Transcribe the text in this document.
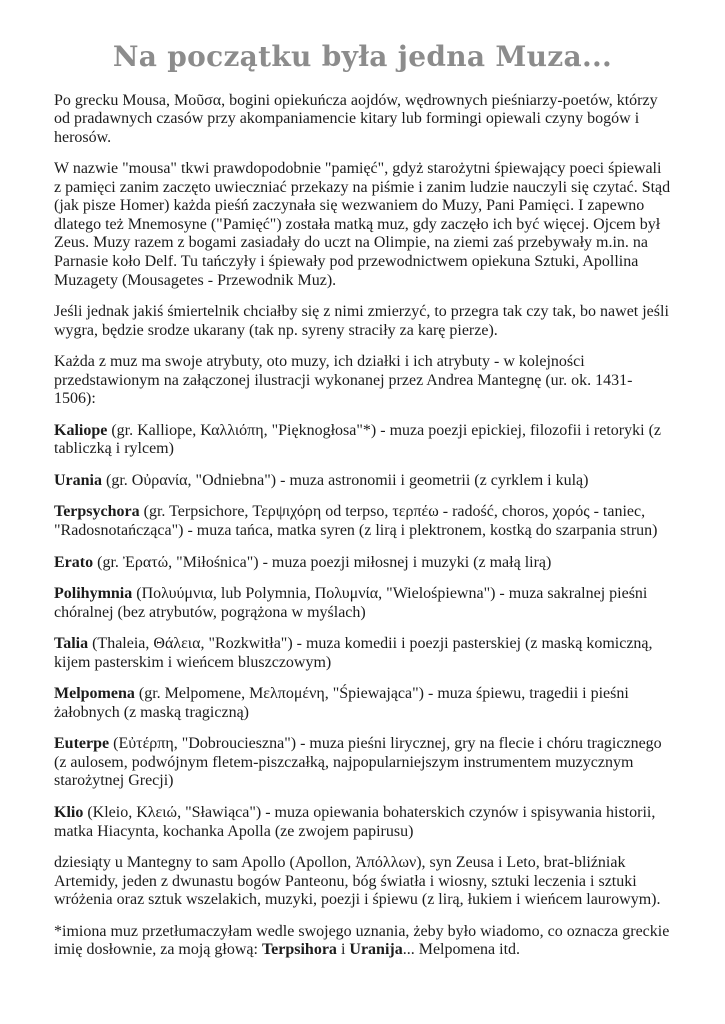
Na początku była jedna Muza...

Po grecku Mousa, Μοῦσα, bogini opiekuńcza aojdów, wędrownych pieśniarzy-poetów, którzy od pradawnych czasów przy akompaniamencie kitary lub formingi opiewali czyny bogów i herosów.

W nazwie "mousa" tkwi prawdopodobnie "pamięć", gdyż starożytni śpiewający poeci śpiewali z pamięci zanim zaczęto uwieczniać przekazy na piśmie i zanim ludzie nauczyli się czytać. Stąd (jak pisze Homer) każda pieśń zaczynała się wezwaniem do Muzy, Pani Pamięci. I zapewno dlatego też Mnemosyne ("Pamięć") została matką muz, gdy zaczęło ich być więcej. Ojcem był Zeus. Muzy razem z bogami zasiadały do uczt na Olimpie, na ziemi zaś przebywały m.in. na Parnasie koło Delf. Tu tańczyły i śpiewały pod przewodnictwem opiekuna Sztuki, Apollina Muzagety (Mousagetes - Przewodnik Muz).

Jeśli jednak jakiś śmiertelnik chciałby się z nimi zmierzyć, to przegra tak czy tak, bo nawet jeśli wygra, będzie srodze ukarany (tak np. syreny straciły za karę pierze).

Każda z muz ma swoje atrybuty, oto muzy, ich działki i ich atrybuty - w kolejności przedstawionym na załączonej ilustracji wykonanej przez Andrea Mantegnę (ur. ok. 1431-1506):

Kaliope (gr. Kalliope, Καλλιόπη, "Pięknogłosa"*) - muza poezji epickiej, filozofii i retoryki (z tabliczką i rylcem)

Urania (gr. Οὐρανία, "Odniebna") - muza astronomii i geometrii (z cyrklem i kulą)

Terpsychora (gr. Terpsichore, Τερψιχόρη od terpso, τερπέω - radość, choros, χορός - taniec, "Radosnotańcząca") - muza tańca, matka syren (z lirą i plektronem, kostką do szarpania strun)

Erato (gr. Ἐρατώ, "Miłośnica") - muza poezji miłosnej i muzyki (z małą lirą)

Polihymnia (Πολυύμνια, lub Polymnia, Πολυμνία, "Wielośpiewna") - muza sakralnej pieśni chóralnej (bez atrybutów, pogrążona w myślach)

Talia (Thaleia, Θάλεια, "Rozkwitła") - muza komedii i poezji pasterskiej (z maską komiczną, kijem pasterskim i wieńcem bluszczowym)

Melpomena (gr. Melpomene, Μελπομένη, "Śpiewająca") - muza śpiewu, tragedii i pieśni żałobnych (z maską tragiczną)

Euterpe (Εὐτέρπη, "Dobroucieszna") - muza pieśni lirycznej, gry na flecie i chóru tragicznego (z aulosem, podwójnym fletem-piszczałką, najpopularniejszym instrumentem muzycznym starożytnej Grecji)

Klio (Kleio, Κλειώ, "Sławiąca") - muza opiewania bohaterskich czynów i spisywania historii, matka Hiacynta, kochanka Apolla (ze zwojem papirusu)

dziesiąty u Mantegny to sam Apollo (Apollon, Ἀπόλλων), syn Zeusa i Leto, brat-bliźniak Artemidy, jeden z dwunastu bogów Panteonu, bóg światła i wiosny, sztuki leczenia i sztuki wróżenia oraz sztuk wszelakich, muzyki, poezji i śpiewu (z lirą, łukiem i wieńcem laurowym).

*imiona muz przetłumaczyłam wedle swojego uznania, żeby było wiadomo, co oznacza greckie imię dosłownie, za moją głową: Terpsihora i Uranija... Melpomena itd.
